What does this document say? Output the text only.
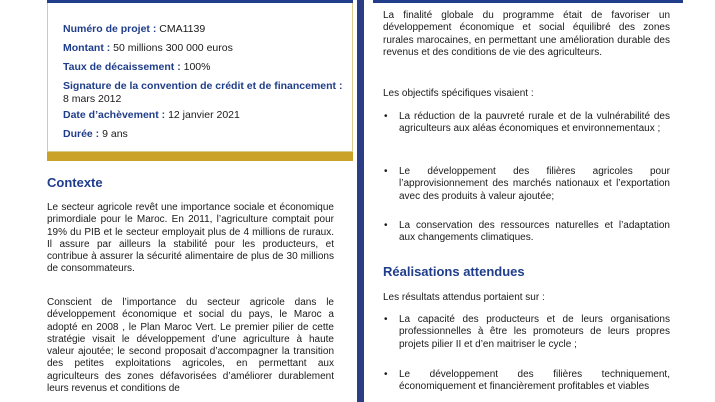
Numéro de projet : CMA1139
Montant : 50 millions 300 000 euros
Taux de décaissement : 100%
Signature de la convention de crédit et de financement : 8 mars 2012
Date d’achèvement : 12 janvier 2021
Durée : 9 ans
Contexte

Le secteur agricole revêt une importance sociale et économique primordiale pour le Maroc. En 2011, l’agriculture comptait pour 19% du PIB et le secteur employait plus de 4 millions de ruraux. Il assure par ailleurs la stabilité pour les producteurs, et contribue à assurer la sécurité alimentaire de plus de 30 millions de consommateurs.

Conscient de l’importance du secteur agricole dans le développement économique et social du pays, le Maroc a adopté en 2008 , le Plan Maroc Vert. Le premier pilier de cette stratégie visait le développement d’une agriculture à haute valeur ajoutée; le second proposait d’accompagner la transition des petites exploitations agricoles, en permettant aux agriculteurs des zones défavorisées d’améliorer durablement leurs revenus et conditions de

La finalité globale du programme était de favoriser un développement économique et social équilibré des zones rurales marocaines, en permettant une amélioration durable des revenus et des conditions de vie des agriculteurs.

Les objectifs spécifiques visaient :

• La réduction de la pauvreté rurale et de la vulnérabilité des agriculteurs aux aléas économiques et environnementaux ;
• Le développement des filières agricoles pour l’approvisionnement des marchés nationaux et l’exportation avec des produits à valeur ajoutée;
• La conservation des ressources naturelles et l’adaptation aux changements climatiques.
Réalisations attendues

Les résultats attendus portaient sur :

• La capacité des producteurs et de leurs organisations professionnelles à être les promoteurs de leurs propres projets pilier II et d’en maitriser le cycle ;
• Le développement des filières techniquement, économiquement et financièrement profitables et viables
